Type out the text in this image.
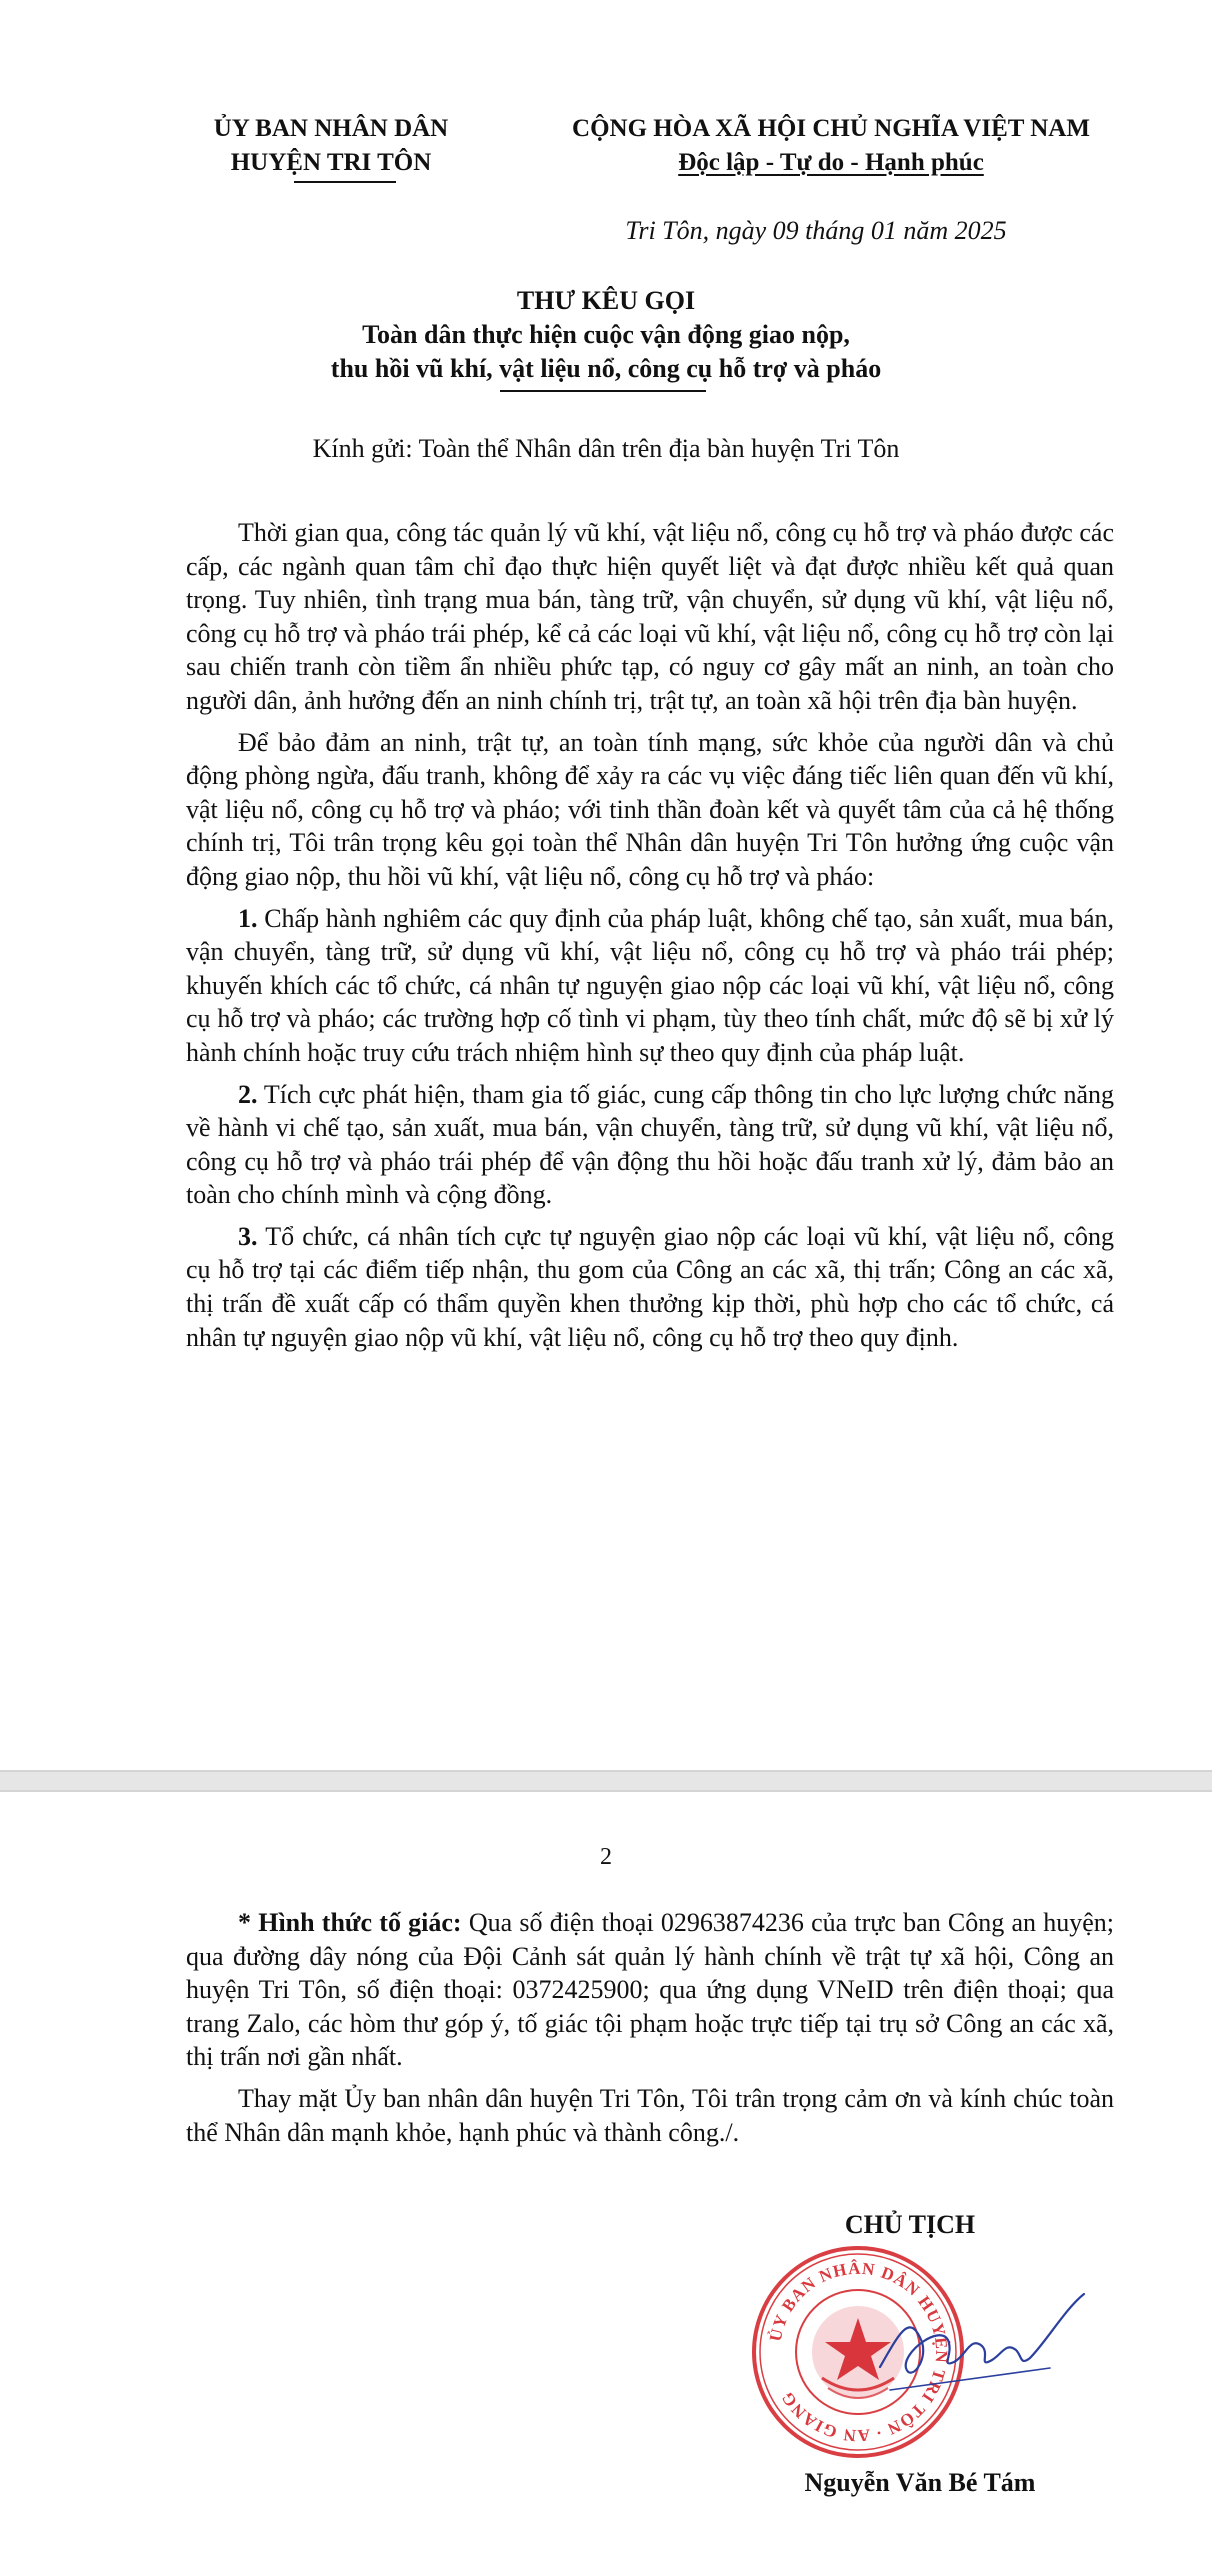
ỦY BAN NHÂN DÂN
HUYỆN TRI TÔN
CỘNG HÒA XÃ HỘI CHỦ NGHĨA VIỆT NAM
Độc lập - Tự do - Hạnh phúc
Tri Tôn, ngày 09 tháng 01 năm 2025
THƯ KÊU GỌI
Toàn dân thực hiện cuộc vận động giao nộp,
thu hồi vũ khí, vật liệu nổ, công cụ hỗ trợ và pháo
Kính gửi: Toàn thể Nhân dân trên địa bàn huyện Tri Tôn

Thời gian qua, công tác quản lý vũ khí, vật liệu nổ, công cụ hỗ trợ và pháo được các cấp, các ngành quan tâm chỉ đạo thực hiện quyết liệt và đạt được nhiều kết quả quan trọng. Tuy nhiên, tình trạng mua bán, tàng trữ, vận chuyển, sử dụng vũ khí, vật liệu nổ, công cụ hỗ trợ và pháo trái phép, kể cả các loại vũ khí, vật liệu nổ, công cụ hỗ trợ còn lại sau chiến tranh còn tiềm ẩn nhiều phức tạp, có nguy cơ gây mất an ninh, an toàn cho người dân, ảnh hưởng đến an ninh chính trị, trật tự, an toàn xã hội trên địa bàn huyện.

Để bảo đảm an ninh, trật tự, an toàn tính mạng, sức khỏe của người dân và chủ động phòng ngừa, đấu tranh, không để xảy ra các vụ việc đáng tiếc liên quan đến vũ khí, vật liệu nổ, công cụ hỗ trợ và pháo; với tinh thần đoàn kết và quyết tâm của cả hệ thống chính trị, Tôi trân trọng kêu gọi toàn thể Nhân dân huyện Tri Tôn hưởng ứng cuộc vận động giao nộp, thu hồi vũ khí, vật liệu nổ, công cụ hỗ trợ và pháo:

1. Chấp hành nghiêm các quy định của pháp luật, không chế tạo, sản xuất, mua bán, vận chuyển, tàng trữ, sử dụng vũ khí, vật liệu nổ, công cụ hỗ trợ và pháo trái phép; khuyến khích các tổ chức, cá nhân tự nguyện giao nộp các loại vũ khí, vật liệu nổ, công cụ hỗ trợ và pháo; các trường hợp cố tình vi phạm, tùy theo tính chất, mức độ sẽ bị xử lý hành chính hoặc truy cứu trách nhiệm hình sự theo quy định của pháp luật.

2. Tích cực phát hiện, tham gia tố giác, cung cấp thông tin cho lực lượng chức năng về hành vi chế tạo, sản xuất, mua bán, vận chuyển, tàng trữ, sử dụng vũ khí, vật liệu nổ, công cụ hỗ trợ và pháo trái phép để vận động thu hồi hoặc đấu tranh xử lý, đảm bảo an toàn cho chính mình và cộng đồng.

3. Tổ chức, cá nhân tích cực tự nguyện giao nộp các loại vũ khí, vật liệu nổ, công cụ hỗ trợ tại các điểm tiếp nhận, thu gom của Công an các xã, thị trấn; Công an các xã, thị trấn đề xuất cấp có thẩm quyền khen thưởng kịp thời, phù hợp cho các tổ chức, cá nhân tự nguyện giao nộp vũ khí, vật liệu nổ, công cụ hỗ trợ theo quy định.

2

* Hình thức tố giác: Qua số điện thoại 02963874236 của trực ban Công an huyện; qua đường dây nóng của Đội Cảnh sát quản lý hành chính về trật tự xã hội, Công an huyện Tri Tôn, số điện thoại: 0372425900; qua ứng dụng VNeID trên điện thoại; qua trang Zalo, các hòm thư góp ý, tố giác tội phạm hoặc trực tiếp tại trụ sở Công an các xã, thị trấn nơi gần nhất.

Thay mặt Ủy ban nhân dân huyện Tri Tôn, Tôi trân trọng cảm ơn và kính chúc toàn thể Nhân dân mạnh khỏe, hạnh phúc và thành công./.

CHỦ TỊCH
ỦY BAN NHÂN DÂN HUYỆN TRI TÔN · AN GIANG
Nguyễn Văn Bé Tám
